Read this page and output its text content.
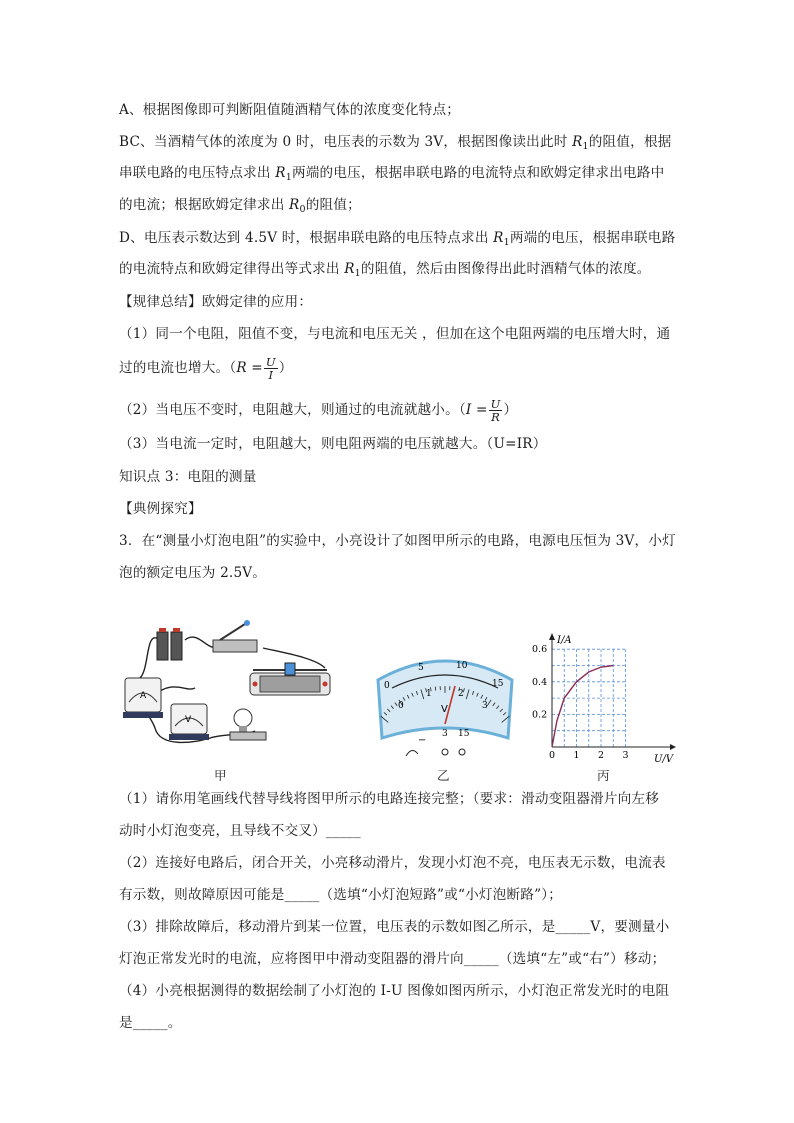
A、根据图像即可判断阻值随酒精气体的浓度变化特点；
BC、当酒精气体的浓度为 0 时，电压表的示数为 3V，根据图像读出此时 $R_1$的阻值，根据
串联电路的电压特点求出 $R_1$两端的电压，根据串联电路的电流特点和欧姆定律求出电路中
的电流；根据欧姆定律求出 $R_0$的阻值；
D、电压表示数达到 4.5V 时，根据串联电路的电压特点求出 $R_1$两端的电压，根据串联电路
的电流特点和欧姆定律得出等式求出 $R_1$的阻值，然后由图像得出此时酒精气体的浓度。
【规律总结】欧姆定律的应用：
（1）同一个电阻，阻值不变，与电流和电压无关 ，但加在这个电阻两端的电压增大时，通
过的电流也增大。（$R = \frac{U}{I}$ ）
（2）当电压不变时，电阻越大，则通过的电流就越小。（$I = \frac{U}{R}$ ）
（3）当电流一定时，电阻越大，则电阻两端的电压就越大。（U=IR）
知识点 3：电阻的测量
【典例探究】
3．在“测量小灯泡电阻”的实验中，小亮设计了如图甲所示的电路，电源电压恒为 3V，小灯
泡的额定电压为 2.5V。
A
V
0
5	10
15
0
1	2
3
V
−
3 15
I/A
U/V
0 1 2 3
0.2
0.4
0.6
甲	乙	丙
（1）请你用笔画线代替导线将图甲所示的电路连接完整；（要求：滑动变阻器滑片向左移
动时小灯泡变亮，且导线不交叉）_____
（2）连接好电路后，闭合开关，小亮移动滑片，发现小灯泡不亮，电压表无示数，电流表
有示数，则故障原因可能是_____（选填“小灯泡短路”或“小灯泡断路”）；
（3）排除故障后，移动滑片到某一位置，电压表的示数如图乙所示，是_____V，要测量小
灯泡正常发光时的电流，应将图甲中滑动变阻器的滑片向_____（选填“左”或“右”）移动；
（4）小亮根据测得的数据绘制了小灯泡的 I-U 图像如图丙所示，小灯泡正常发光时的电阻
是_____。
